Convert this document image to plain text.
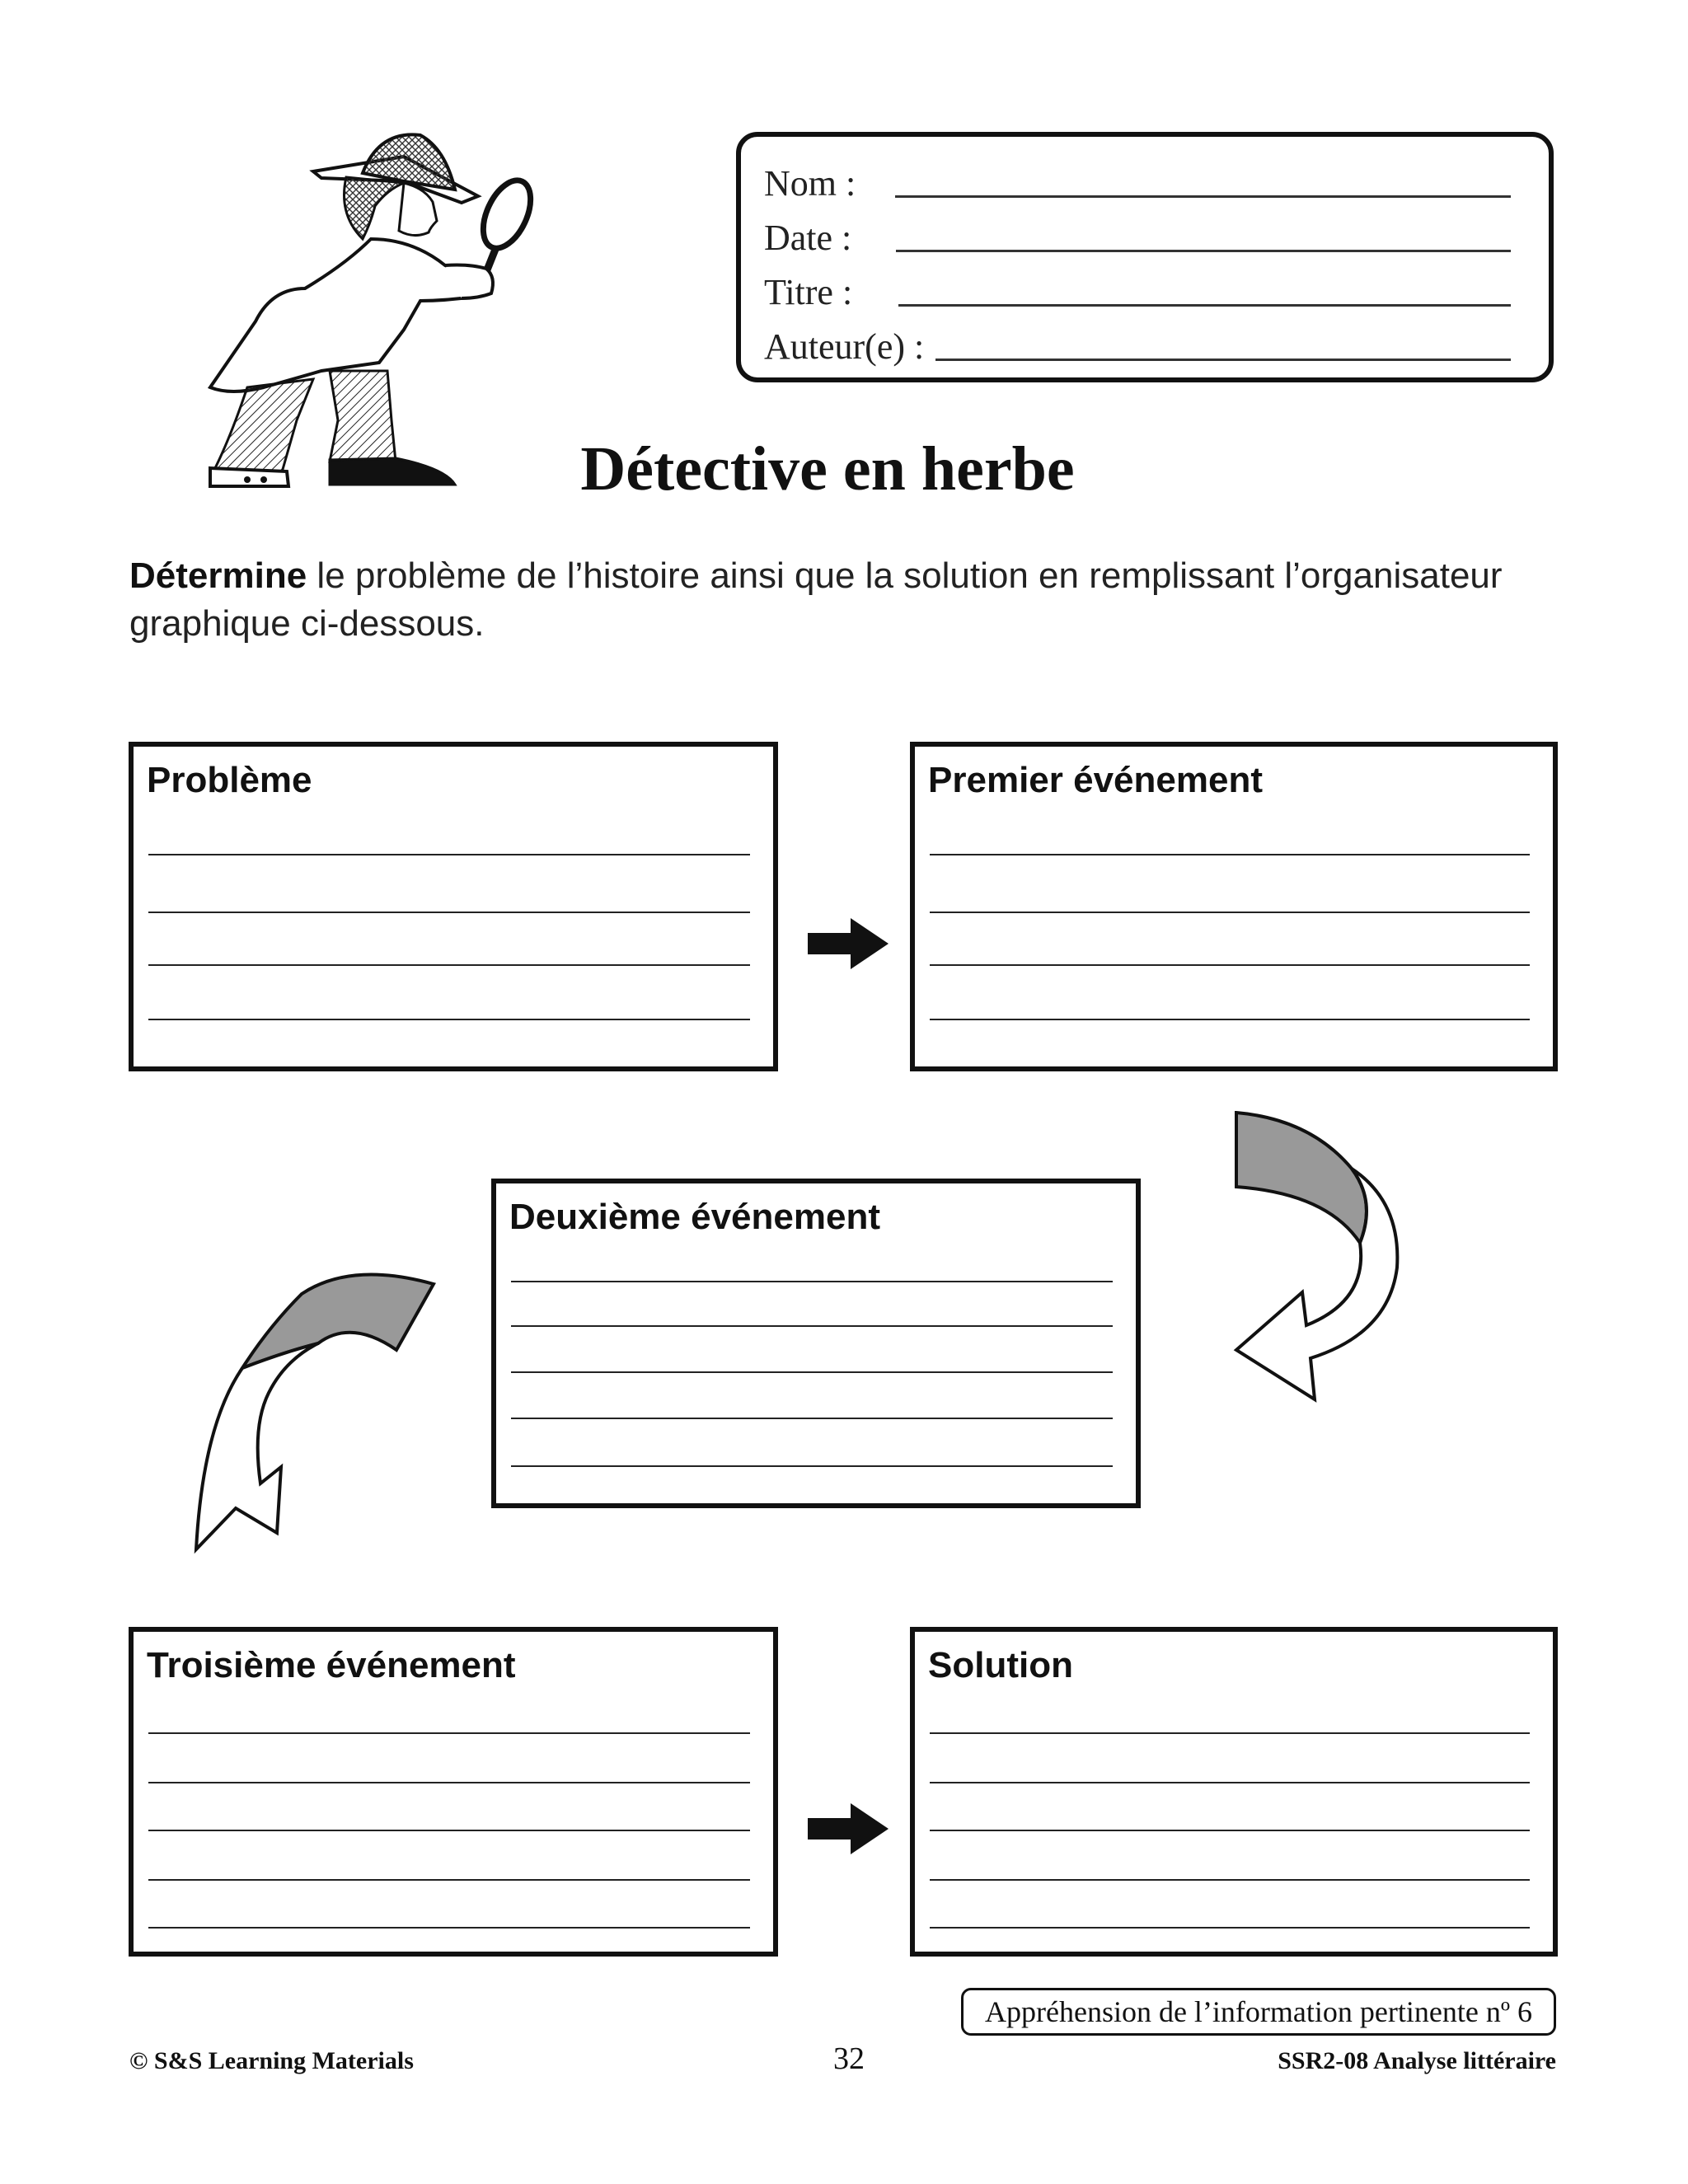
Nom :
Date :
Titre :
Auteur(e) :
Détective en herbe
Détermine le problème de l’histoire ainsi que la solution en remplissant l’organisateur graphique ci-dessous.
Problème	Premier événement
Deuxième événement
Troisième événement	Solution
Appréhension de l’information pertinente nº 6
© S&S Learning Materials	32	SSR2-08 Analyse littéraire
